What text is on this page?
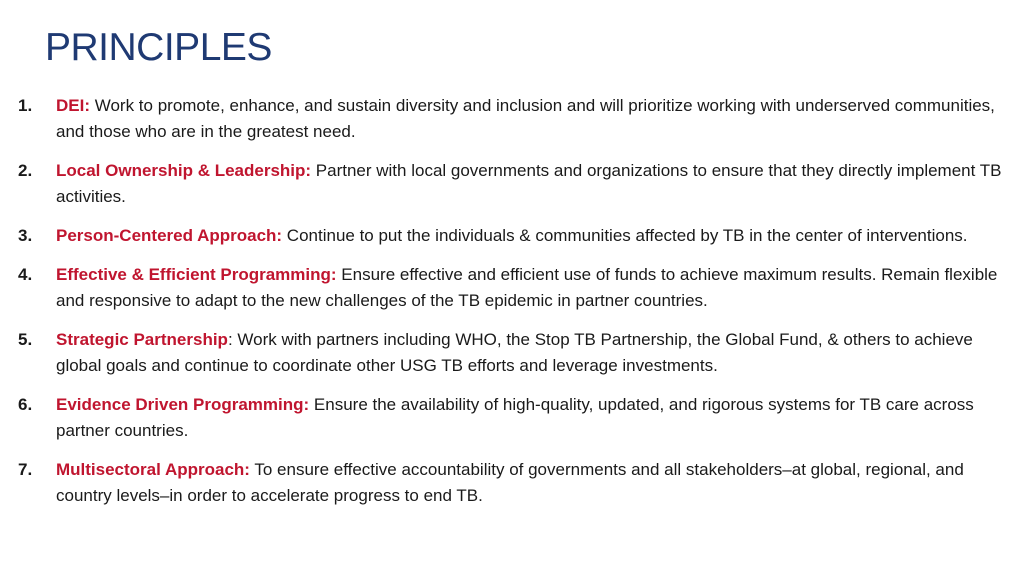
PRINCIPLES
1. DEI: Work to promote, enhance, and sustain diversity and inclusion and will prioritize working with underserved communities, and those who are in the greatest need.
2. Local Ownership & Leadership: Partner with local governments and organizations to ensure that they directly implement TB activities.
3. Person-Centered Approach: Continue to put the individuals & communities affected by TB in the center of interventions.
4. Effective & Efficient Programming: Ensure effective and efficient use of funds to achieve maximum results. Remain flexible and responsive to adapt to the new challenges of the TB epidemic in partner countries.
5. Strategic Partnership: Work with partners including WHO, the Stop TB Partnership, the Global Fund, & others to achieve global goals and continue to coordinate other USG TB efforts and leverage investments.
6. Evidence Driven Programming: Ensure the availability of high-quality, updated, and rigorous systems for TB care across partner countries.
7. Multisectoral Approach: To ensure effective accountability of governments and all stakeholders–at global, regional, and country levels–in order to accelerate progress to end TB.
